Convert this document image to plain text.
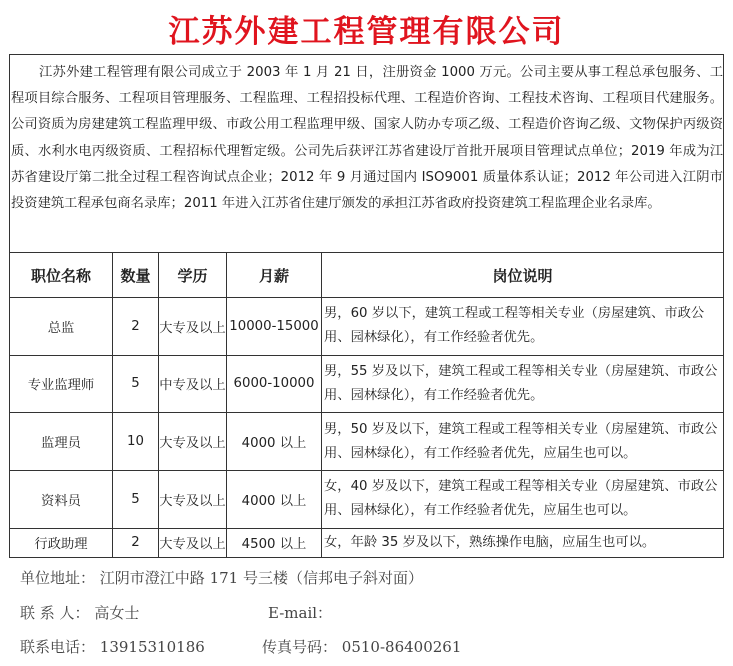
江苏外建工程管理有限公司
江苏外建工程管理有限公司成立于 2003 年 1 月 21 日，注册资金 1000 万元。公司主要从事工程总承包服务、工程项目综合服务、工程项目管理服务、工程监理、工程招投标代理、工程造价咨询、工程技术咨询、工程项目代建服务。公司资质为房建建筑工程监理甲级、市政公用工程监理甲级、国家人防办专项乙级、工程造价咨询乙级、文物保护丙级资质、水利水电丙级资质、工程招标代理暂定级。公司先后获评江苏省建设厅首批开展项目管理试点单位；2019 年成为江苏省建设厅第二批全过程工程咨询试点企业；2012 年 9 月通过国内 ISO9001 质量体系认证；2012 年公司进入江阴市投资建筑工程承包商名录库；2011 年进入江苏省住建厅颁发的承担江苏省政府投资建筑工程监理企业名录库。
职位名称	数量	学历	月薪	岗位说明
总监	2	大专及以上	10000-15000	男，60 岁以下，建筑工程或工程等相关专业（房屋建筑、市政公用、园林绿化），有工作经验者优先。
专业监理师	5	中专及以上	6000-10000	男，55 岁及以下，建筑工程或工程等相关专业（房屋建筑、市政公用、园林绿化），有工作经验者优先。
监理员	10	大专及以上	4000 以上	男，50 岁及以下，建筑工程或工程等相关专业（房屋建筑、市政公用、园林绿化），有工作经验者优先，应届生也可以。
资料员	5	大专及以上	4000 以上	女，40 岁及以下，建筑工程或工程等相关专业（房屋建筑、市政公用、园林绿化），有工作经验者优先，应届生也可以。
行政助理	2	大专及以上	4500 以上	女，年龄 35 岁及以下，熟练操作电脑，应届生也可以。
单位地址： 江阴市澄江中路 171 号三楼（信邦电子斜对面）
联 系 人： 高女士	E-mail：
联系电话： 13915310186	传真号码： 0510-86400261
